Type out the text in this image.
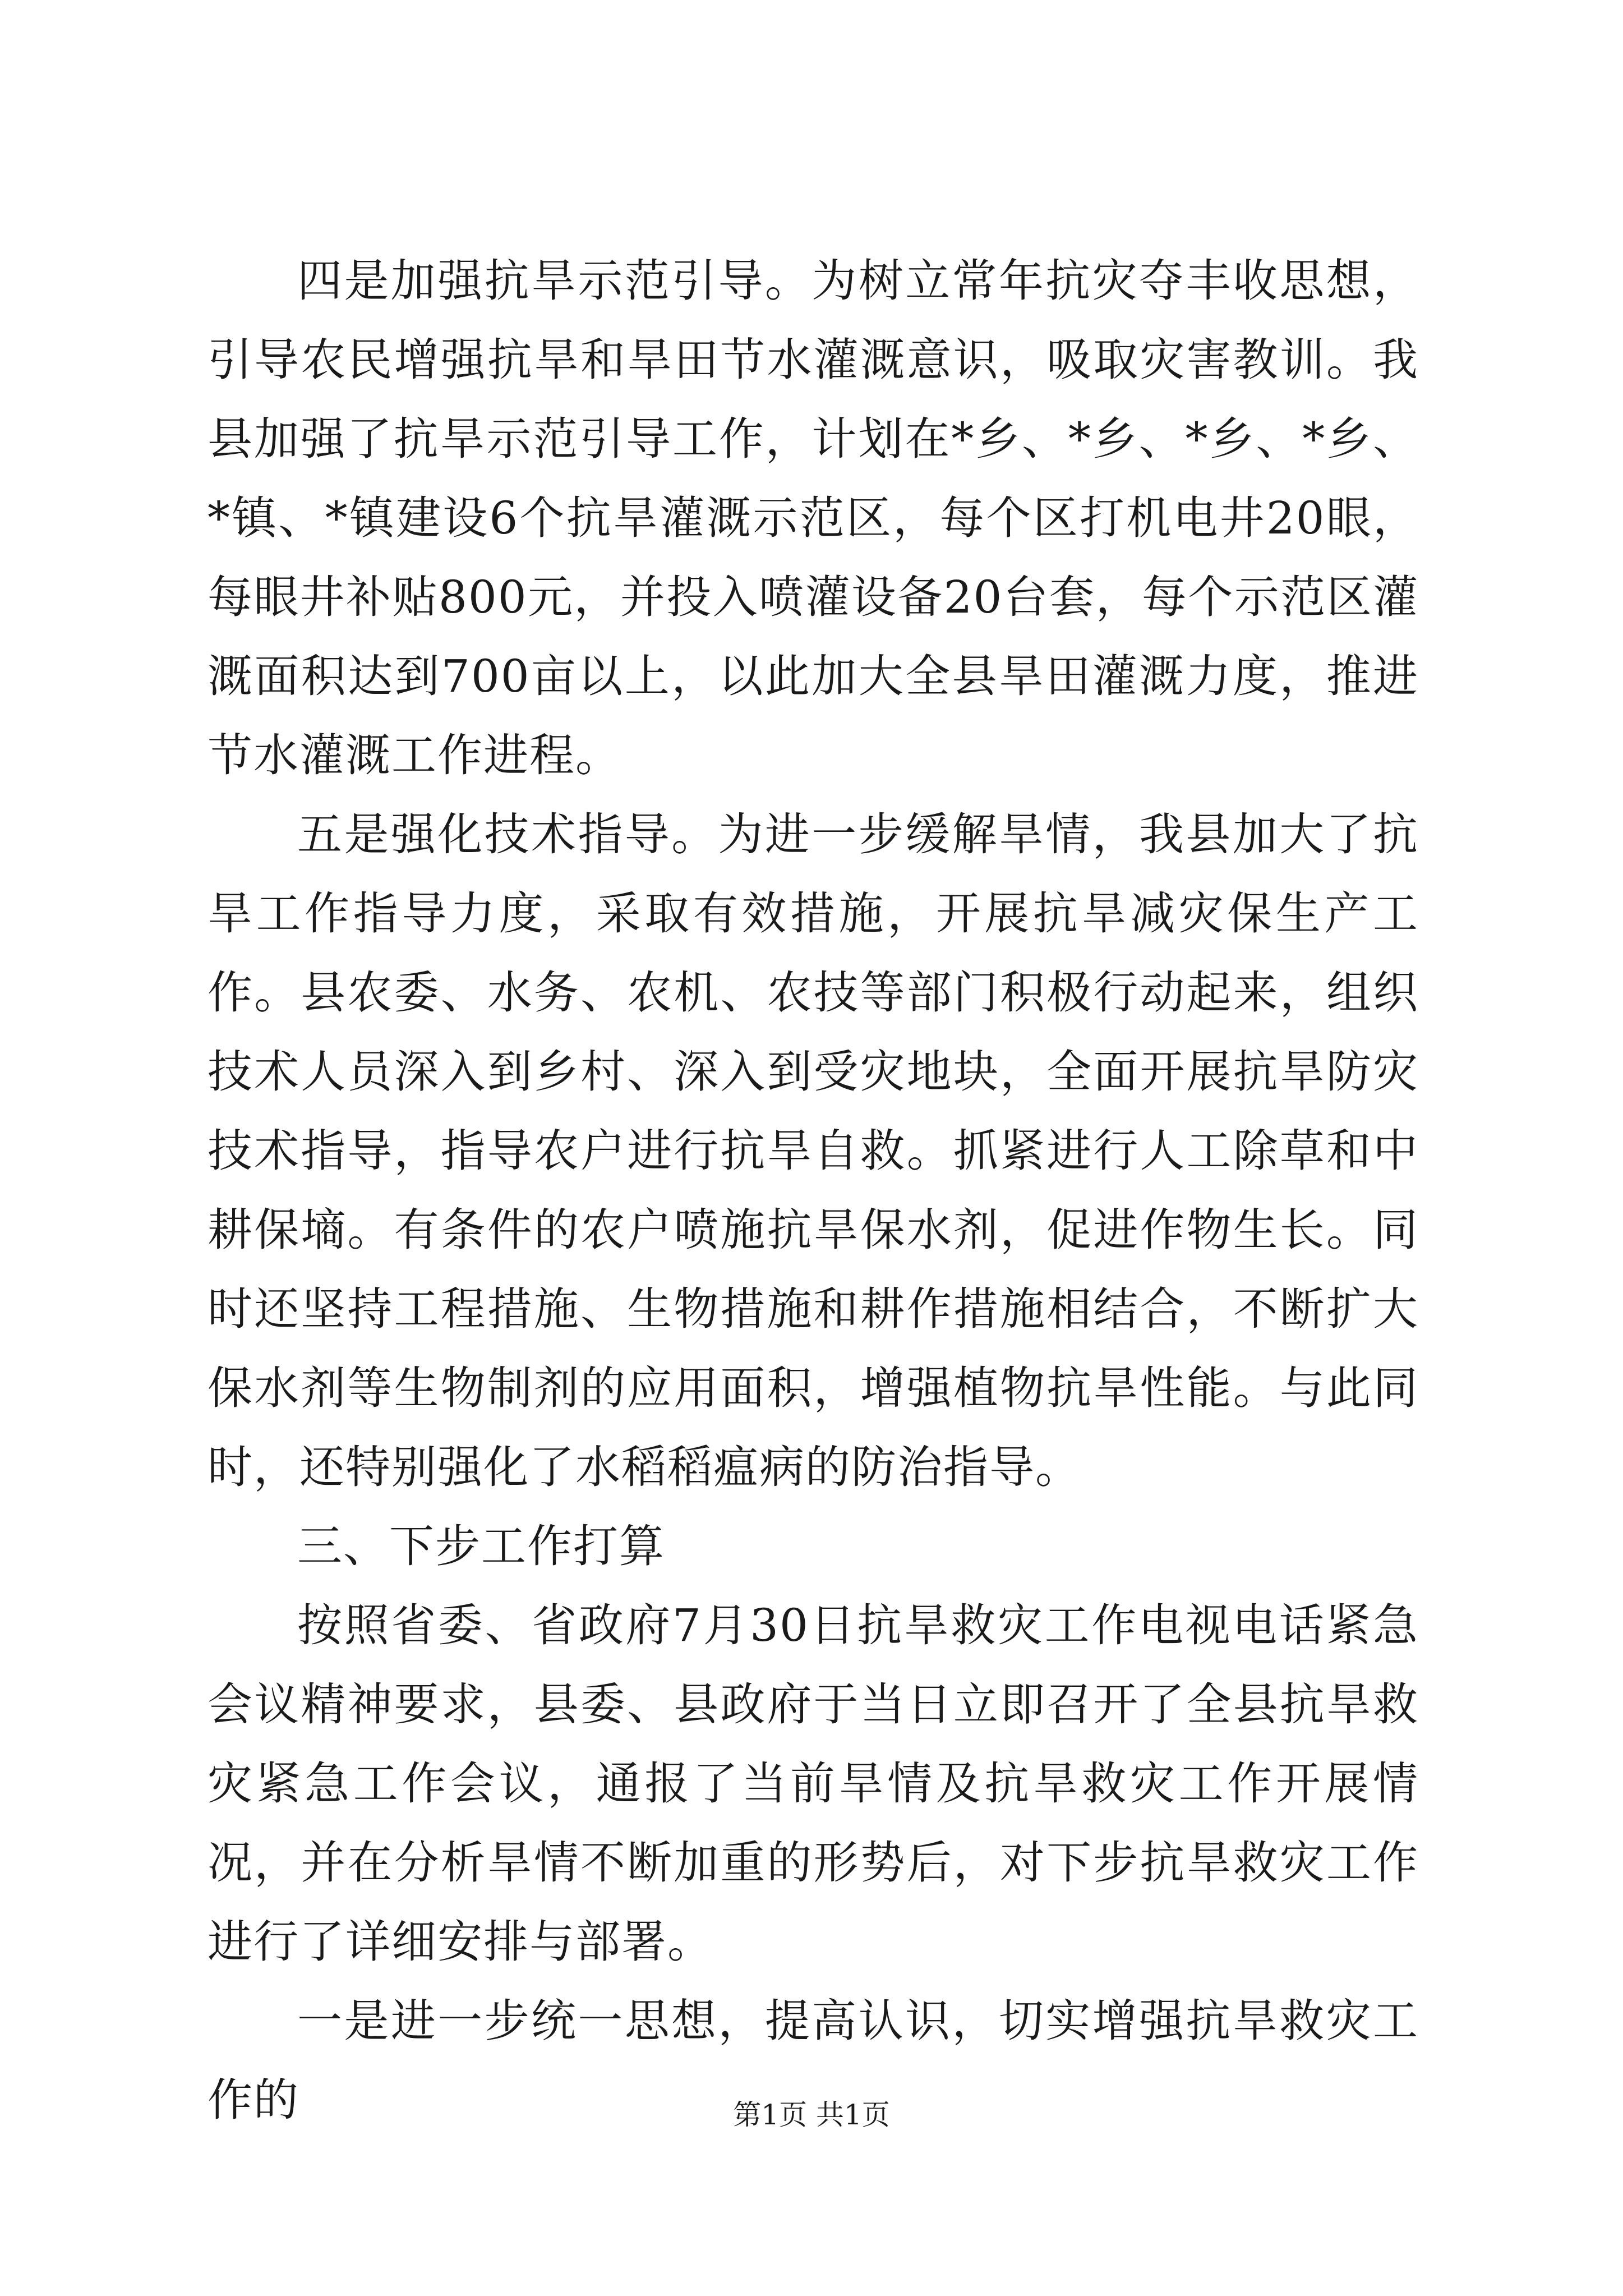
四是加强抗旱示范引导。为树立常年抗灾夺丰收思想，引导农民增强抗旱和旱田节水灌溉意识，吸取灾害教训。我县加强了抗旱示范引导工作，计划在*乡、*乡、*乡、*乡、*镇、*镇建设6个抗旱灌溉示范区，每个区打机电井20眼，每眼井补贴800元，并投入喷灌设备20台套，每个示范区灌溉面积达到700亩以上，以此加大全县旱田灌溉力度，推进节水灌溉工作进程。

五是强化技术指导。为进一步缓解旱情，我县加大了抗旱工作指导力度，采取有效措施，开展抗旱减灾保生产工作。县农委、水务、农机、农技等部门积极行动起来，组织技术人员深入到乡村、深入到受灾地块，全面开展抗旱防灾技术指导，指导农户进行抗旱自救。抓紧进行人工除草和中耕保墒。有条件的农户喷施抗旱保水剂，促进作物生长。同时还坚持工程措施、生物措施和耕作措施相结合，不断扩大保水剂等生物制剂的应用面积，增强植物抗旱性能。与此同时，还特别强化了水稻稻瘟病的防治指导。

三、下步工作打算

按照省委、省政府7月30日抗旱救灾工作电视电话紧急会议精神要求，县委、县政府于当日立即召开了全县抗旱救灾紧急工作会议，通报了当前旱情及抗旱救灾工作开展情况，并在分析旱情不断加重的形势后，对下步抗旱救灾工作进行了详细安排与部署。

一是进一步统一思想，提高认识，切实增强抗旱救灾工作的	第1页 共1页
